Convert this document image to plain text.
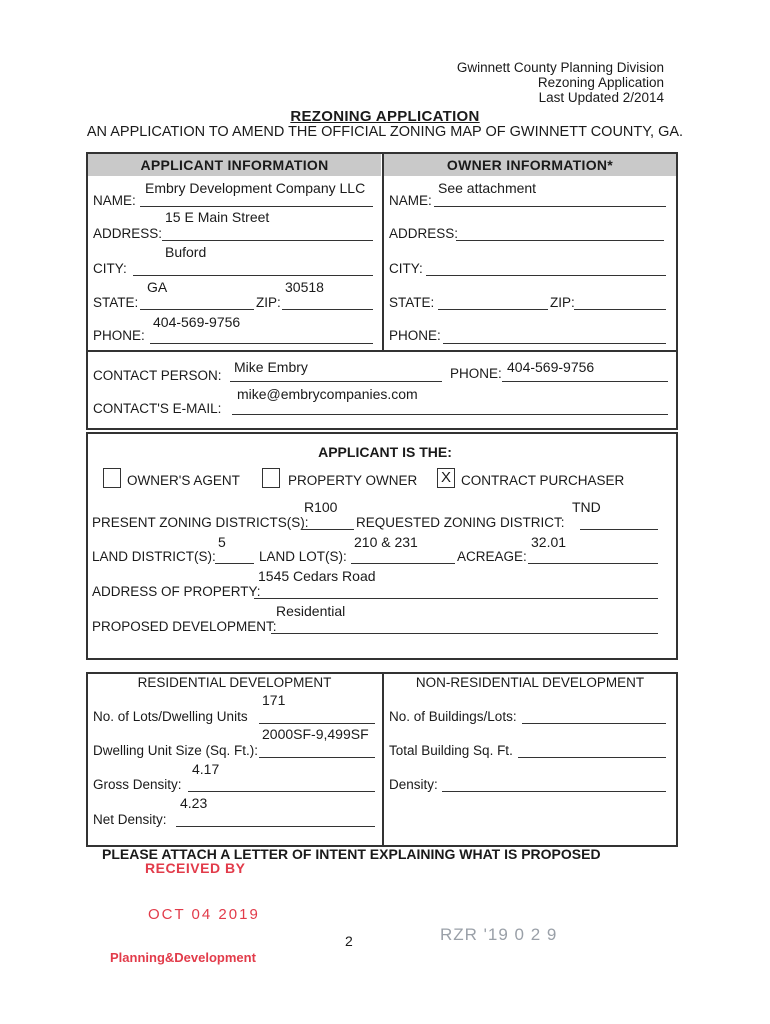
Gwinnett County Planning Division
Rezoning Application
Last Updated 2/2014
REZONING APPLICATION
AN APPLICATION TO AMEND THE OFFICIAL ZONING MAP OF GWINNETT COUNTY, GA.
APPLICANT INFORMATION	OWNER INFORMATION*
Embry Development Company LLC
NAME:
15 E Main Street
ADDRESS:
Buford
CITY:
GA	30518
STATE:	ZIP:
404-569-9756
PHONE:
See attachment
NAME:
ADDRESS:
CITY:
STATE:	ZIP:
PHONE:
Mike Embry
CONTACT PERSON:	PHONE: 404-569-9756
mike@embrycompanies.com
CONTACT'S E-MAIL:
APPLICANT IS THE:
OWNER'S AGENT	PROPERTY OWNER X CONTRACT PURCHASER
R100	TND
PRESENT ZONING DISTRICTS(S):	REQUESTED ZONING DISTRICT:
5	210 & 231	32.01
LAND DISTRICT(S):	LAND LOT(S):	ACREAGE:
1545 Cedars Road
ADDRESS OF PROPERTY:
Residential
PROPOSED DEVELOPMENT:
RESIDENTIAL DEVELOPMENT	NON-RESIDENTIAL DEVELOPMENT
171
No. of Lots/Dwelling Units
2000SF-9,499SF
Dwelling Unit Size (Sq. Ft.):
4.17
Gross Density:
4.23
Net Density:
No. of Buildings/Lots:
Total Building Sq. Ft.
Density:
PLEASE ATTACH A LETTER OF INTENT EXPLAINING WHAT IS PROPOSED
RECEIVED BY
OCT 04 2019
Planning&Development
RZR '19 0 2 9
2
